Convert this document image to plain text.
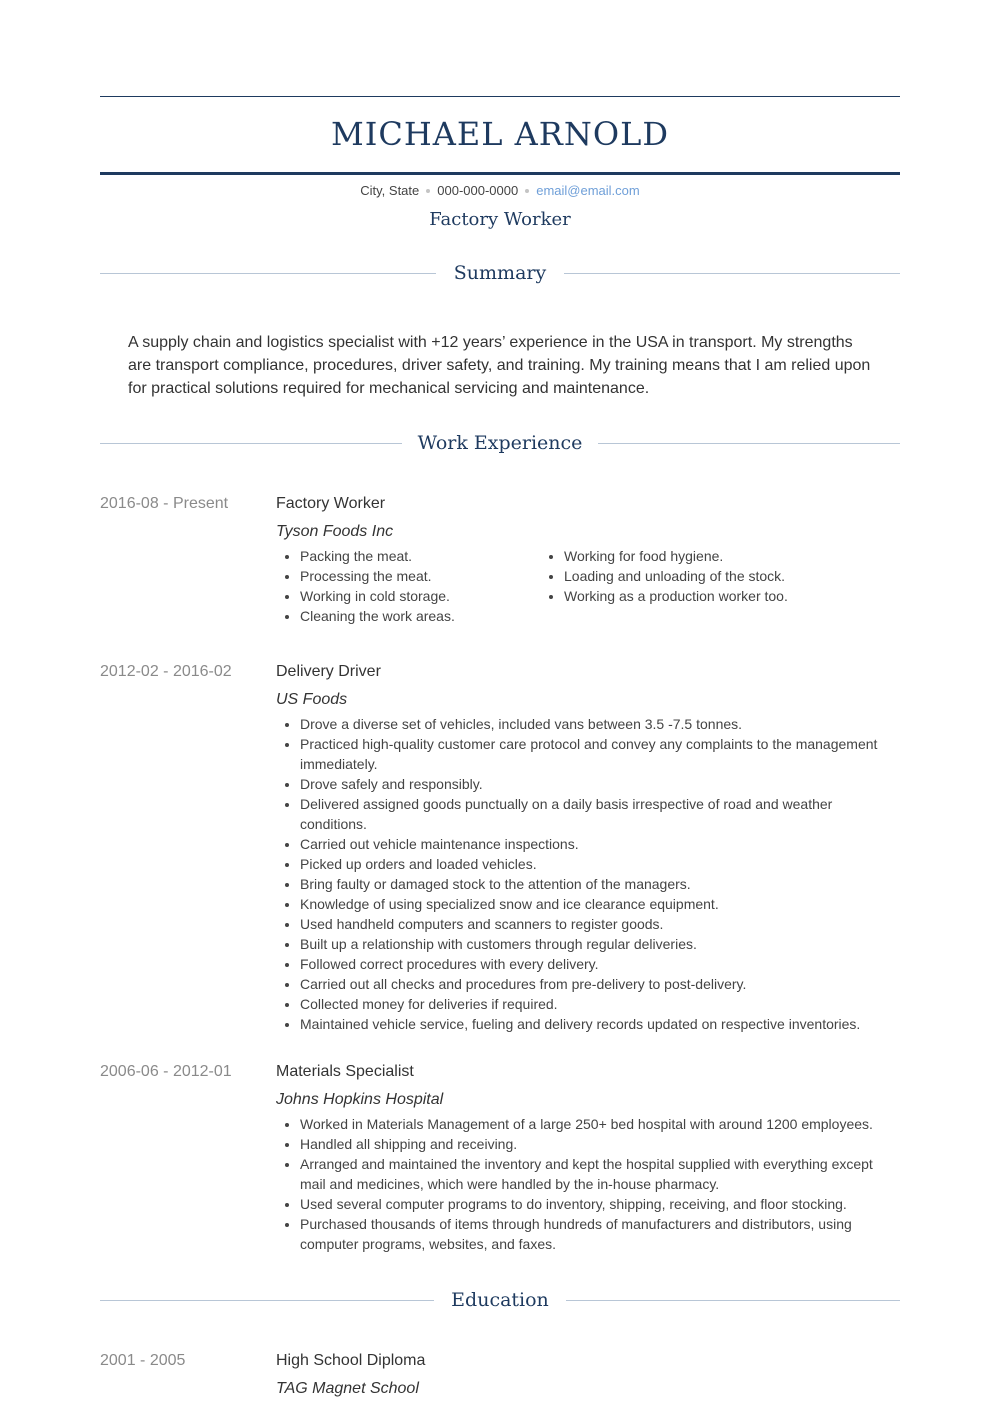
MICHAEL ARNOLD
City, State 000-000-0000 email@email.com
Factory Worker
Summary
A supply chain and logistics specialist with +12 years’ experience in the USA in transport. My strengths are transport compliance, procedures, driver safety, and training. My training means that I am relied upon for practical solutions required for mechanical servicing and maintenance.
Work Experience
2016-08 - Present	Factory Worker
Tyson Foods Inc
• Packing the meat.
• Processing the meat.
• Working in cold storage.
• Cleaning the work areas.
• Working for food hygiene.
• Loading and unloading of the stock.
• Working as a production worker too.
2012-02 - 2016-02	Delivery Driver
US Foods
• Drove a diverse set of vehicles, included vans between 3.5 -7.5 tonnes.
• Practiced high-quality customer care protocol and convey any complaints to the management immediately.
• Drove safely and responsibly.
• Delivered assigned goods punctually on a daily basis irrespective of road and weather conditions.
• Carried out vehicle maintenance inspections.
• Picked up orders and loaded vehicles.
• Bring faulty or damaged stock to the attention of the managers.
• Knowledge of using specialized snow and ice clearance equipment.
• Used handheld computers and scanners to register goods.
• Built up a relationship with customers through regular deliveries.
• Followed correct procedures with every delivery.
• Carried out all checks and procedures from pre-delivery to post-delivery.
• Collected money for deliveries if required.
• Maintained vehicle service, fueling and delivery records updated on respective inventories.
2006-06 - 2012-01	Materials Specialist
Johns Hopkins Hospital
• Worked in Materials Management of a large 250+ bed hospital with around 1200 employees.
• Handled all shipping and receiving.
• Arranged and maintained the inventory and kept the hospital supplied with everything except mail and medicines, which were handled by the in-house pharmacy.
• Used several computer programs to do inventory, shipping, receiving, and floor stocking.
• Purchased thousands of items through hundreds of manufacturers and distributors, using computer programs, websites, and faxes.
Education
2001 - 2005	High School Diploma
TAG Magnet School
